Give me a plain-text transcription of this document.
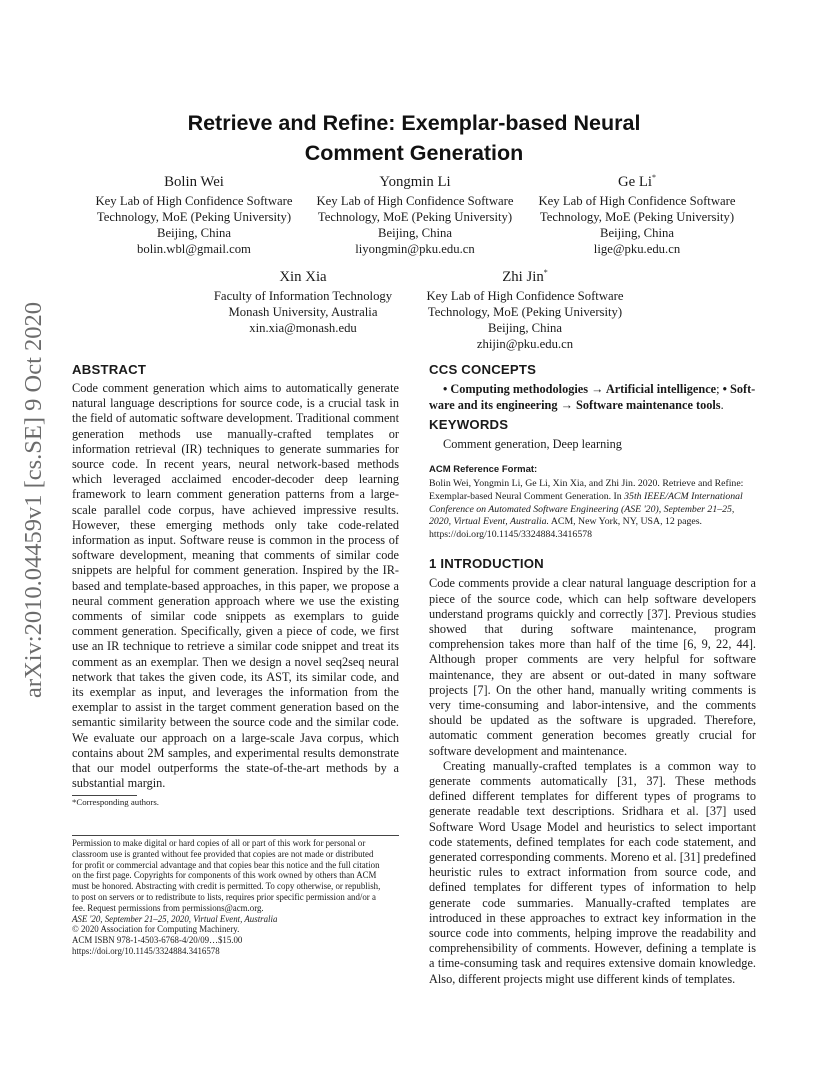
arXiv:2010.04459v1 [cs.SE] 9 Oct 2020
Retrieve and Refine: Exemplar-based Neural
Comment Generation
Bolin Wei
Key Lab of High Confidence Software
Technology, MoE (Peking University)
Beijing, China
bolin.wbl@gmail.com
Yongmin Li
Key Lab of High Confidence Software
Technology, MoE (Peking University)
Beijing, China
liyongmin@pku.edu.cn
Ge Li*
Key Lab of High Confidence Software
Technology, MoE (Peking University)
Beijing, China
lige@pku.edu.cn
Xin Xia
Faculty of Information Technology
Monash University, Australia
xin.xia@monash.edu
Zhi Jin*
Key Lab of High Confidence Software
Technology, MoE (Peking University)
Beijing, China
zhijin@pku.edu.cn
ABSTRACT

Code comment generation which aims to automatically generate natural language descriptions for source code, is a crucial task in the field of automatic software development. Traditional comment generation methods use manually-crafted templates or information retrieval (IR) techniques to generate summaries for source code. In recent years, neural network-based methods which leveraged acclaimed encoder-decoder deep learning framework to learn comment generation patterns from a large-scale parallel code corpus, have achieved impressive results. However, these emerging methods only take code-related information as input. Software reuse is common in the process of software development, meaning that comments of similar code snippets are helpful for comment generation. Inspired by the IR-based and template-based approaches, in this paper, we propose a neural comment generation approach where we use the existing comments of similar code snippets as exemplars to guide comment generation. Specifically, given a piece of code, we first use an IR technique to retrieve a similar code snippet and treat its comment as an exemplar. Then we design a novel seq2seq neural network that takes the given code, its AST, its similar code, and its exemplar as input, and leverages the information from the exemplar to assist in the target comment generation based on the semantic similarity between the source code and the similar code. We evaluate our approach on a large-scale Java corpus, which contains about 2M samples, and experimental results demonstrate that our model outperforms the state-of-the-art methods by a substantial margin.

*Corresponding authors.
Permission to make digital or hard copies of all or part of this work for personal or
classroom use is granted without fee provided that copies are not made or distributed
for profit or commercial advantage and that copies bear this notice and the full citation
on the first page. Copyrights for components of this work owned by others than ACM
must be honored. Abstracting with credit is permitted. To copy otherwise, or republish,
to post on servers or to redistribute to lists, requires prior specific permission and/or a
fee. Request permissions from permissions@acm.org.
ASE '20, September 21–25, 2020, Virtual Event, Australia
© 2020 Association for Computing Machinery.
ACM ISBN 978-1-4503-6768-4/20/09…$15.00
https://doi.org/10.1145/3324884.3416578
CCS CONCEPTS

• Computing methodologies → Artificial intelligence; • Soft-

ware and its engineering → Software maintenance tools.

KEYWORDS

Comment generation, Deep learning

ACM Reference Format:

Bolin Wei, Yongmin Li, Ge Li, Xin Xia, and Zhi Jin. 2020. Retrieve and Refine: Exemplar-based Neural Comment Generation. In 35th IEEE/ACM International Conference on Automated Software Engineering (ASE '20), September 21–25, 2020, Virtual Event, Australia. ACM, New York, NY, USA, 12 pages. https://doi.org/10.1145/3324884.3416578

1 INTRODUCTION

Code comments provide a clear natural language description for a piece of the source code, which can help software developers understand programs quickly and correctly [37]. Previous studies showed that during software maintenance, program comprehension takes more than half of the time [6, 9, 22, 44]. Although proper comments are very helpful for software maintenance, they are absent or out-dated in many software projects [7]. On the other hand, manually writing comments is very time-consuming and labor-intensive, and the comments should be updated as the software is upgraded. Therefore, automatic comment generation becomes greatly crucial for software development and maintenance.

Creating manually-crafted templates is a common way to generate comments automatically [31, 37]. These methods defined different templates for different types of programs to generate readable text descriptions. Sridhara et al. [37] used Software Word Usage Model and heuristics to select important code statements, defined templates for each code statement, and generated corresponding comments. Moreno et al. [31] predefined heuristic rules to extract information from source code, and defined templates for different types of information to help generate code summaries. Manually-crafted templates are introduced in these approaches to extract key information in the source code into comments, helping improve the readability and comprehensibility of comments. However, defining a template is a time-consuming task and requires extensive domain knowledge. Also, different projects might use different kinds of templates.
